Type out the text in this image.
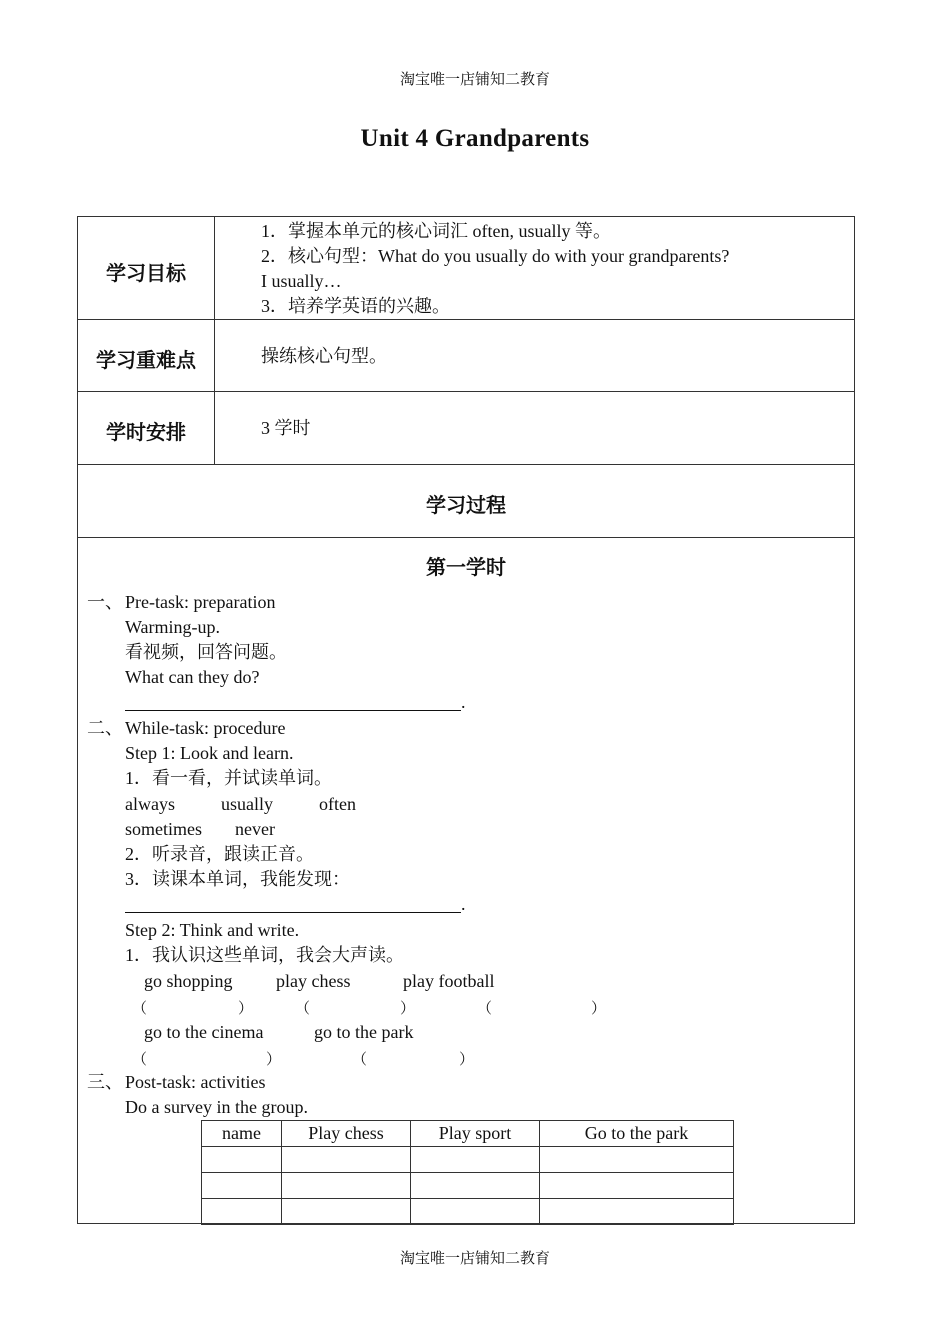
淘宝唯一店铺知二教育
Unit 4 Grandparents
学习目标
1．掌握本单元的核心词汇 often, usually 等。
2．核心句型：What do you usually do with your grandparents?
I usually…
3．培养学英语的兴趣。
学习重难点	操练核心句型。
学时安排	3 学时
学习过程
第一学时
一、 Pre-task: preparation
Warming-up.
看视频，回答问题。
What can they do?
.
二、 While-task: procedure
Step 1: Look and learn.
1．看一看，并试读单词。
always	usually	often
sometimes never
2．听录音，跟读正音。
3．读课本单词，我能发现：
.
Step 2: Think and write.
1．我认识这些单词，我会大声读。
go shopping play chess	play football
（	）	（	）	（	）
go to the cinema	go to the park
（	）	（	）
三、 Post-task: activities
Do a survey in the group.
name	Play chess	Play sport	Go to the park

淘宝唯一店铺知二教育
